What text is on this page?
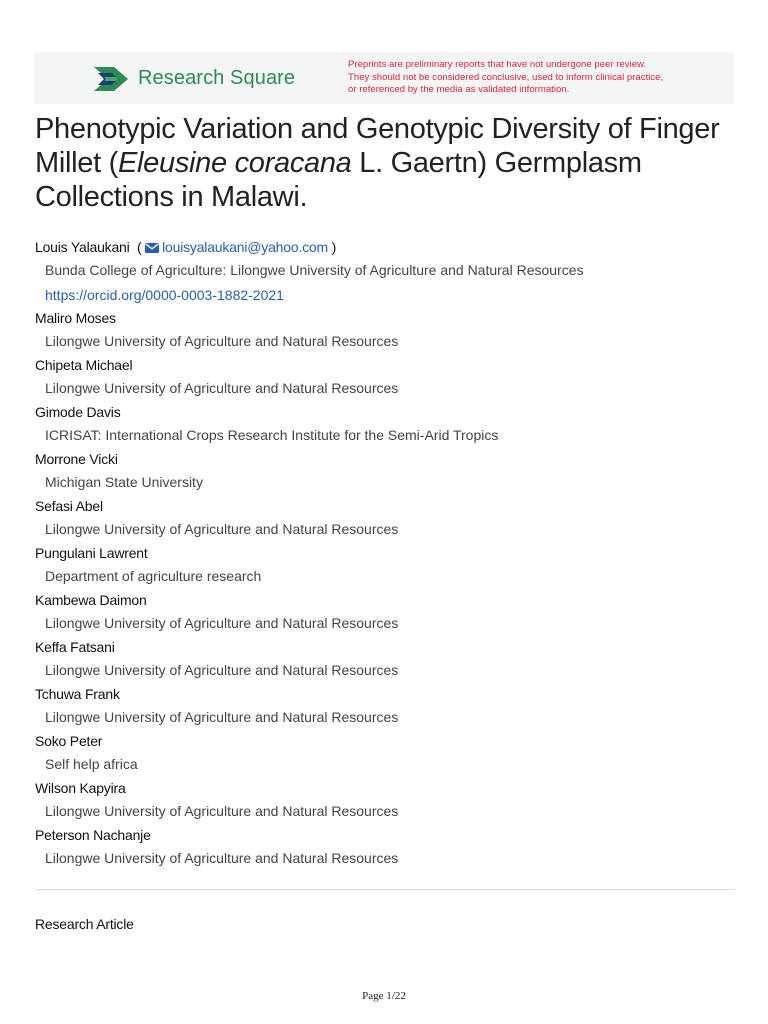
Research Square
Preprints are preliminary reports that have not undergone peer review.
They should not be considered conclusive, used to inform clinical practice,
or referenced by the media as validated information.
Phenotypic Variation and Genotypic Diversity of Finger Millet (Eleusine coracana L. Gaertn) Germplasm Collections in Malawi.
Louis Yalaukani ( louisyalaukani@yahoo.com )
Bunda College of Agriculture: Lilongwe University of Agriculture and Natural Resources
https://orcid.org/0000-0003-1882-2021
Maliro Moses
Lilongwe University of Agriculture and Natural Resources
Chipeta Michael
Lilongwe University of Agriculture and Natural Resources
Gimode Davis
ICRISAT: International Crops Research Institute for the Semi-Arid Tropics
Morrone Vicki
Michigan State University
Sefasi Abel
Lilongwe University of Agriculture and Natural Resources
Pungulani Lawrent
Department of agriculture research
Kambewa Daimon
Lilongwe University of Agriculture and Natural Resources
Keffa Fatsani
Lilongwe University of Agriculture and Natural Resources
Tchuwa Frank
Lilongwe University of Agriculture and Natural Resources
Soko Peter
Self help africa
Wilson Kapyira
Lilongwe University of Agriculture and Natural Resources
Peterson Nachanje
Lilongwe University of Agriculture and Natural Resources
Research Article
Page 1/22
